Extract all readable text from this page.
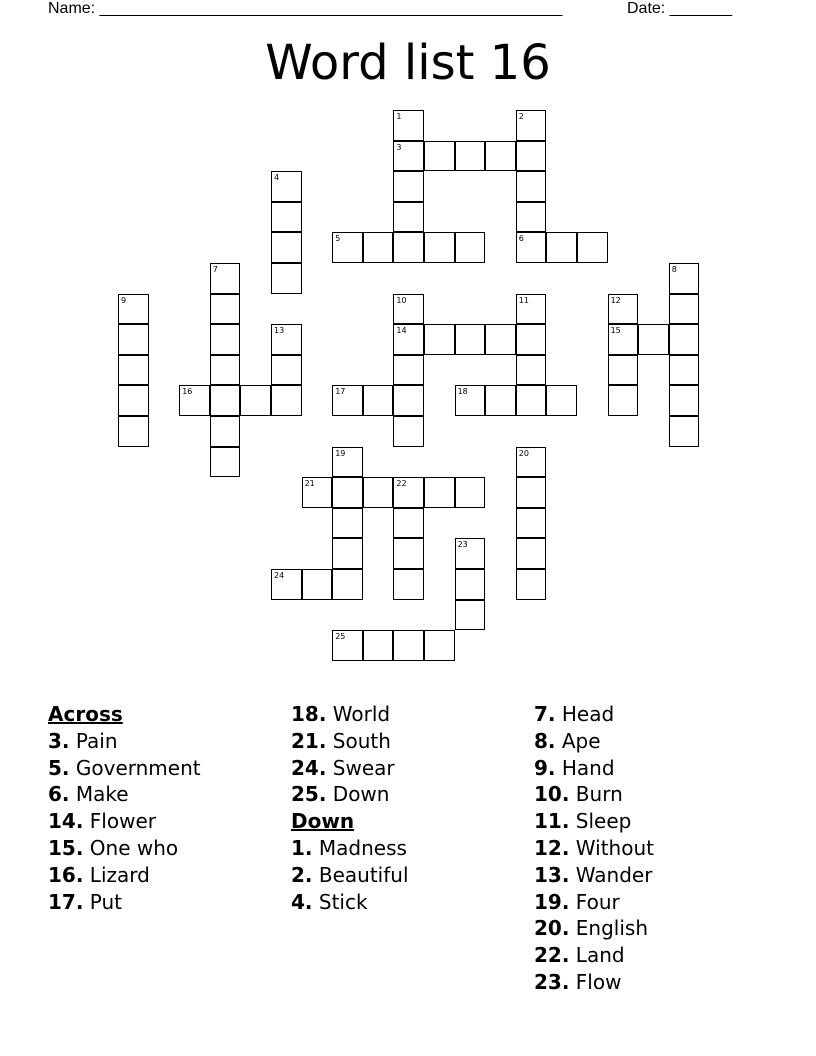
Name: ____________________________________________________	Date: _______
Word list 16
1	2
3
4
5	6
7	8
9	10	11	12
13	14	15
16	17	18
19	20
21	22
23
24
25
Across
3. Pain
5. Government
6. Make
14. Flower
15. One who
16. Lizard
17. Put
18. World
21. South
24. Swear
25. Down
Down
1. Madness
2. Beautiful
4. Stick
7. Head
8. Ape
9. Hand
10. Burn
11. Sleep
12. Without
13. Wander
19. Four
20. English
22. Land
23. Flow
